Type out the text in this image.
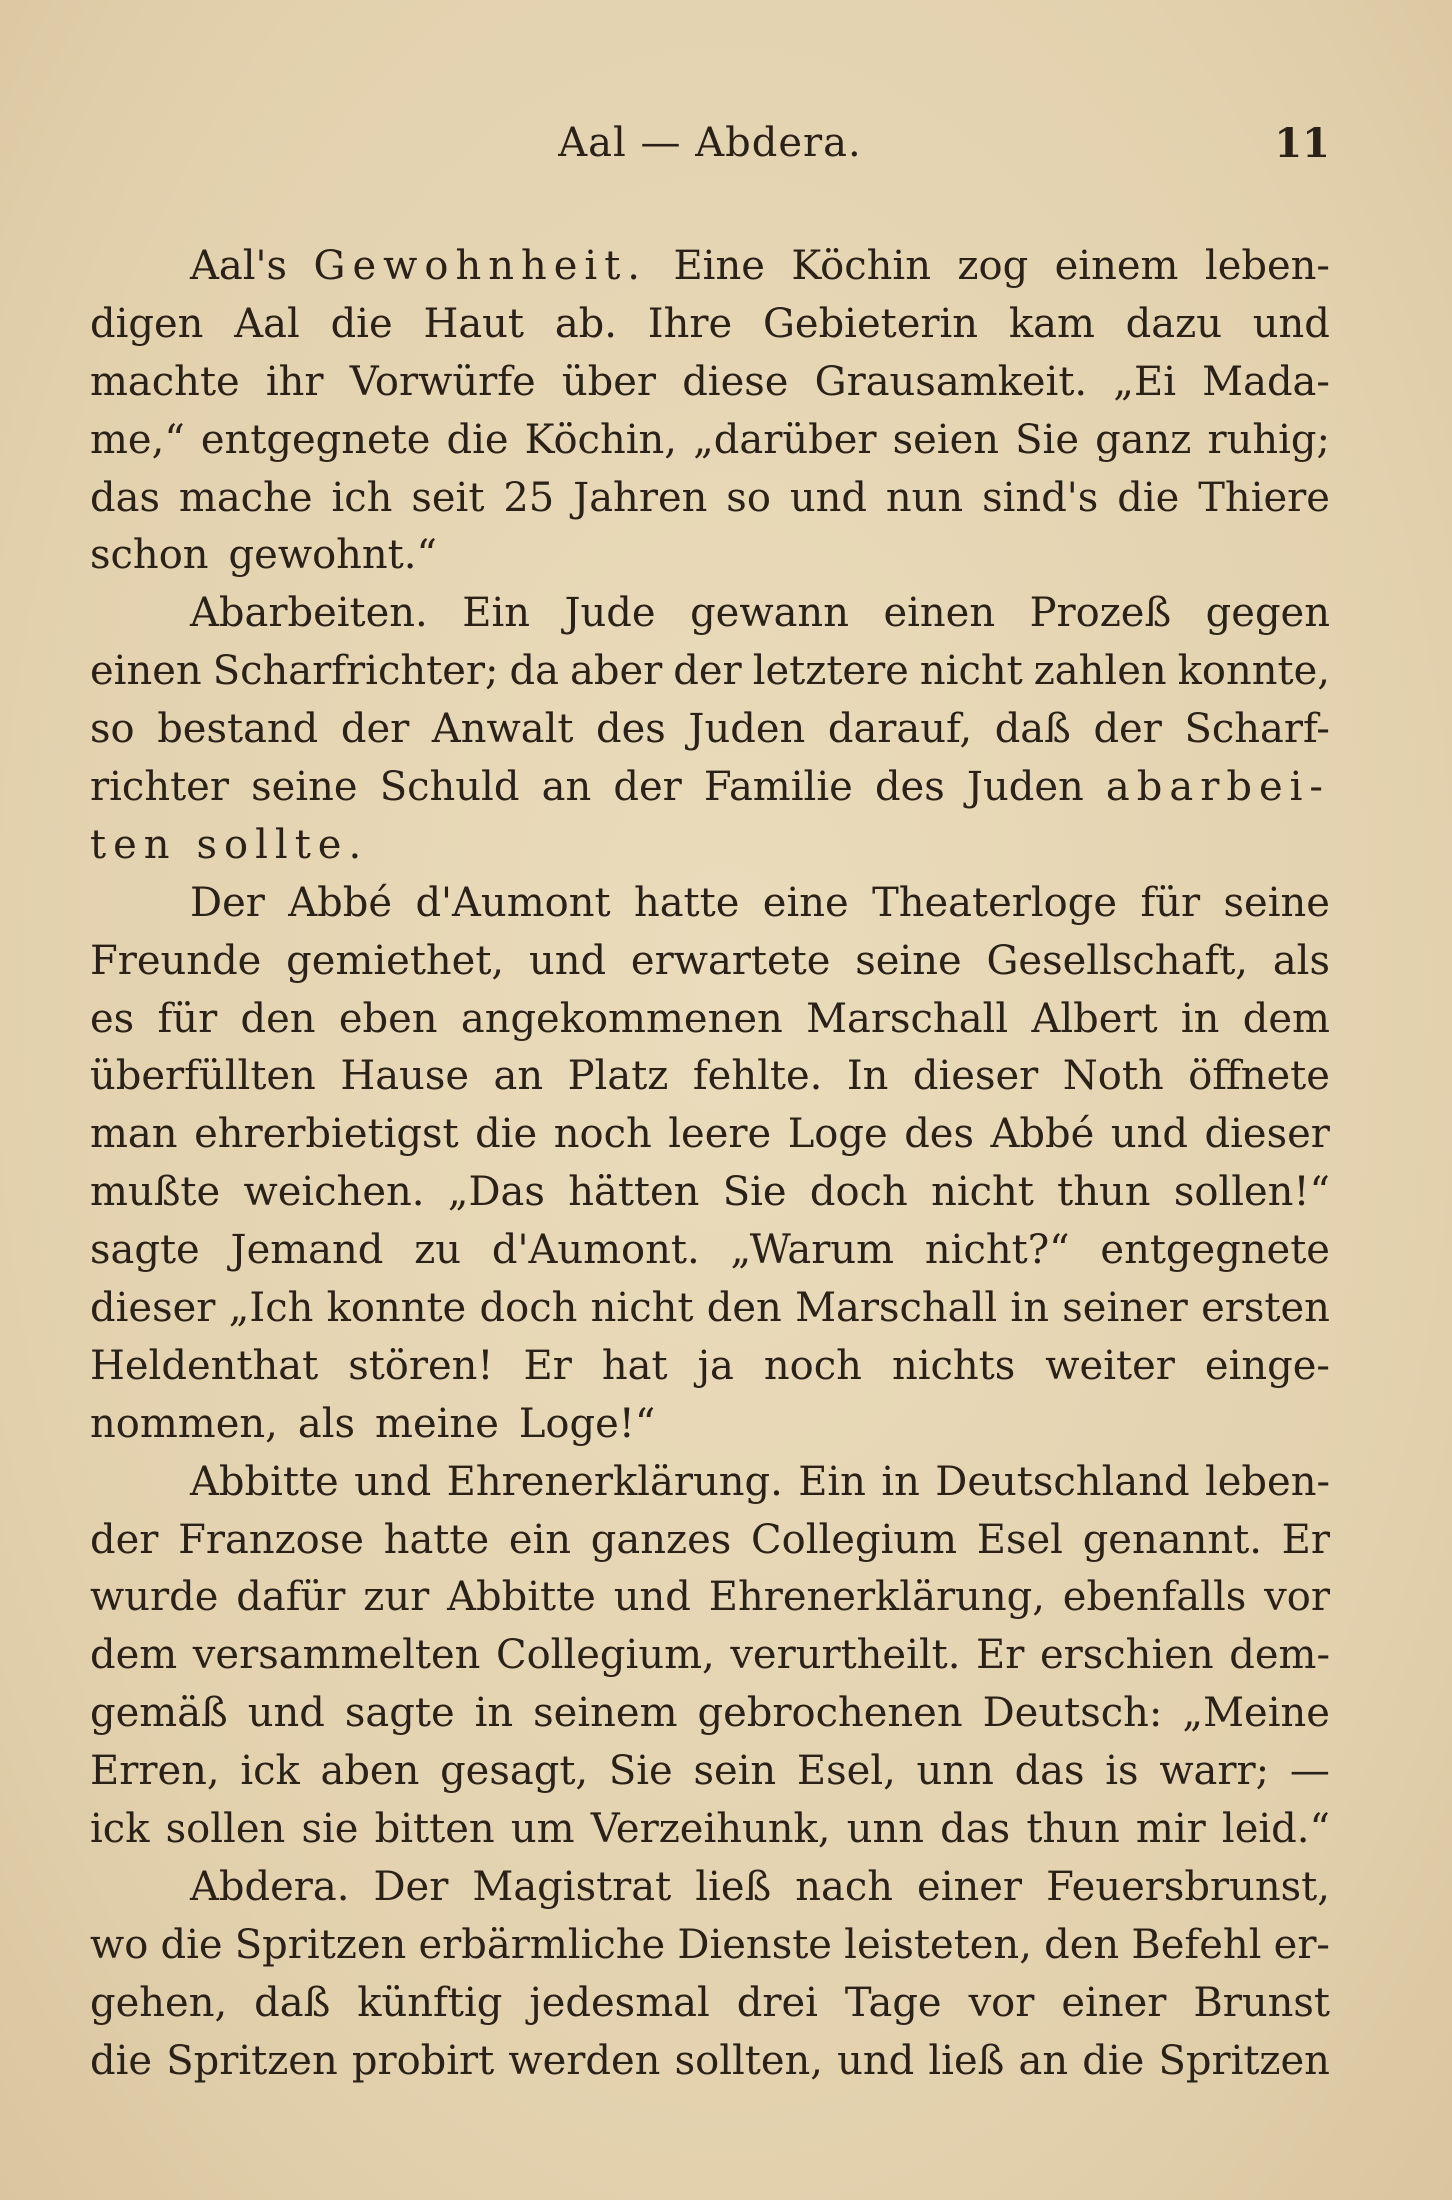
Aal — Abdera.	11
Aal's Gewohnheit. Eine Köchin zog einem leben-
digen Aal die Haut ab. Ihre Gebieterin kam dazu und
machte ihr Vorwürfe über diese Grausamkeit. „Ei Mada-
me,“ entgegnete die Köchin, „darüber seien Sie ganz ruhig;
das mache ich seit 25 Jahren so und nun sind's die Thiere
schon gewohnt.“
Abarbeiten. Ein Jude gewann einen Prozeß gegen
einen Scharfrichter; da aber der letztere nicht zahlen konnte,
so bestand der Anwalt des Juden darauf, daß der Scharf-
richter seine Schuld an der Familie des Juden abarbei-
ten sollte.
Der Abbé d'Aumont hatte eine Theaterloge für seine
Freunde gemiethet, und erwartete seine Gesellschaft, als
es für den eben angekommenen Marschall Albert in dem
überfüllten Hause an Platz fehlte. In dieser Noth öffnete
man ehrerbietigst die noch leere Loge des Abbé und dieser
mußte weichen. „Das hätten Sie doch nicht thun sollen!“
sagte Jemand zu d'Aumont. „Warum nicht?“ entgegnete
dieser „Ich konnte doch nicht den Marschall in seiner ersten
Heldenthat stören! Er hat ja noch nichts weiter einge-
nommen, als meine Loge!“
Abbitte und Ehrenerklärung. Ein in Deutschland leben-
der Franzose hatte ein ganzes Collegium Esel genannt. Er
wurde dafür zur Abbitte und Ehrenerklärung, ebenfalls vor
dem versammelten Collegium, verurtheilt. Er erschien dem-
gemäß und sagte in seinem gebrochenen Deutsch: „Meine
Erren, ick aben gesagt, Sie sein Esel, unn das is warr; —
ick sollen sie bitten um Verzeihunk, unn das thun mir leid.“
Abdera. Der Magistrat ließ nach einer Feuersbrunst,
wo die Spritzen erbärmliche Dienste leisteten, den Befehl er-
gehen, daß künftig jedesmal drei Tage vor einer Brunst
die Spritzen probirt werden sollten, und ließ an die Spritzen
